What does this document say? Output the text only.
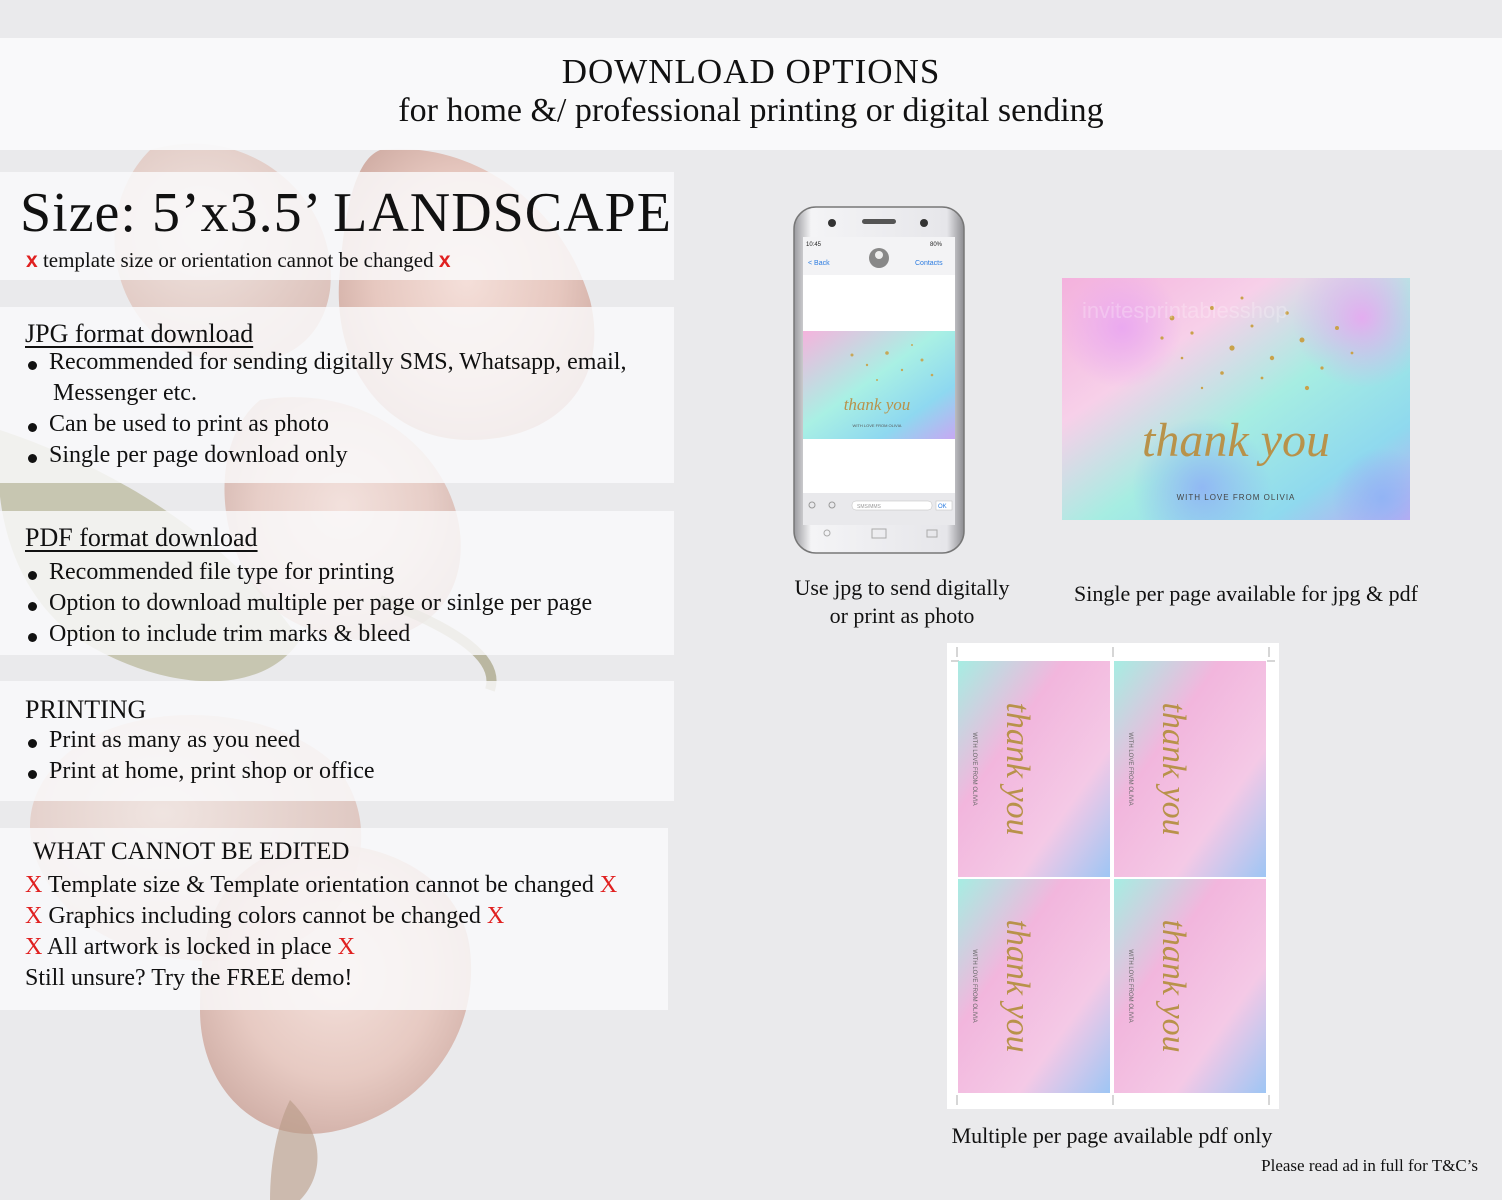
DOWNLOAD OPTIONS
for home &/ professional printing or digital sending
Size: 5’x3.5’ LANDSCAPE
x template size or orientation cannot be changed x
JPG format download
Recommended for sending digitally SMS, Whatsapp, email,
Messenger etc.
Can be used to print as photo
Single per page download only
PDF format download
Recommended file type for printing
Option to download multiple per page or sinlge per page
Option to include trim marks & bleed
PRINTING
Print as many as you need
Print at home, print shop or office
WHAT CANNOT BE EDITED
X Template size & Template orientation cannot be changed X
X Graphics including colors cannot be changed X
X All artwork is locked in place X
Still unsure? Try the FREE demo!
10:45	80%
< Back	Contacts
thank you
WITH LOVE FROM OLIVIA
SMS/MMS	OK
Use jpg to send digitally
or print as photo
invitesprintablesshop
thank you
WITH LOVE FROM OLIVIA
Single per page available for jpg & pdf
thank you
WITH LOVE FROM OLIVIA	thank you
WITH LOVE FROM OLIVIA
thank you
WITH LOVE FROM OLIVIA	thank you
WITH LOVE FROM OLIVIA
Multiple per page available pdf only
Please read ad in full for T&C’s
